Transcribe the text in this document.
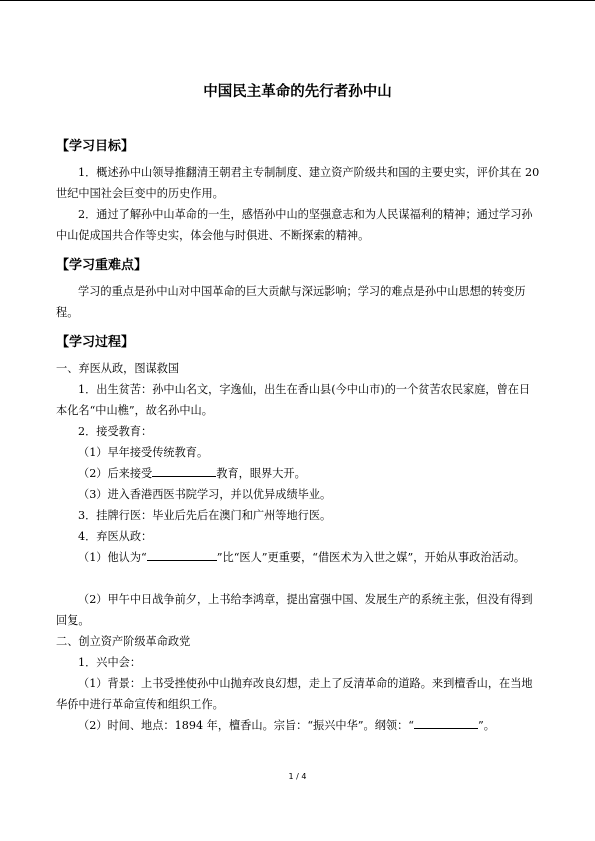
中国民主革命的先行者孙中山
【学习目标】
1．概述孙中山领导推翻清王朝君主专制制度、建立资产阶级共和国的主要史实，评价其在 20 世纪中国社会巨变中的历史作用。
2．通过了解孙中山革命的一生，感悟孙中山的坚强意志和为人民谋福利的精神；通过学习孙中山促成国共合作等史实，体会他与时俱进、不断探索的精神。
【学习重难点】
学习的重点是孙中山对中国革命的巨大贡献与深远影响；学习的难点是孙中山思想的转变历程。
【学习过程】
一、弃医从政，图谋救国
1．出生贫苦：孙中山名文，字逸仙，出生在香山县(今中山市)的一个贫苦农民家庭，曾在日本化名“中山樵”，故名孙中山。
2．接受教育：
（1）早年接受传统教育。
（2）后来接受	教育，眼界大开。
（3）进入香港西医书院学习，并以优异成绩毕业。
3．挂牌行医：毕业后先后在澳门和广州等地行医。
4．弃医从政：
（1）他认为“	”比“医人”更重要，“借医术为入世之媒”，开始从事政治活动。
（2）甲午中日战争前夕，上书给李鸿章，提出富强中国、发展生产的系统主张，但没有得到回复。
二、创立资产阶级革命政党
1．兴中会：
（1）背景：上书受挫使孙中山抛弃改良幻想，走上了反清革命的道路。来到檀香山，在当地华侨中进行革命宣传和组织工作。
（2）时间、地点：1894 年，檀香山。宗旨：“振兴中华”。纲领：“	”。
1 / 4
